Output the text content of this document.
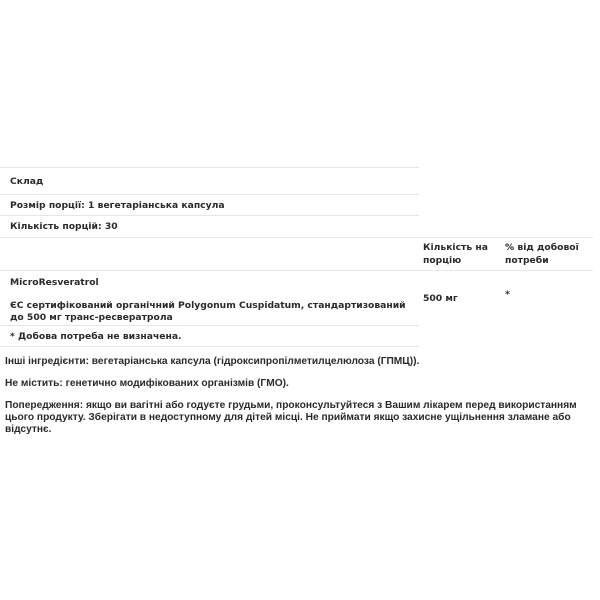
Склад
Розмір порції: 1 вегетаріанська капсула
Кількість порцій: 30
Кількість на порцію
% від добової потреби
MicroResveratrol
ЄС сертифікований органічний Polygonum Cuspidatum, стандартизований до 500 мг транс-ресвератрола
500 мг	*
* Добова потреба не визначена.
Інші інгредієнти: вегетаріанська капсула (гідроксипропілметилцелюлоза (ГПМЦ)).
Не містить: генетично модифікованих організмів (ГМО).
Попередження: якщо ви вагітні або годуєте грудьми, проконсультуйтеся з Вашим лікарем перед використанням цього продукту. Зберігати в недоступному для дітей місці. Не приймати якщо захисне ущільнення зламане або відсутнє.
